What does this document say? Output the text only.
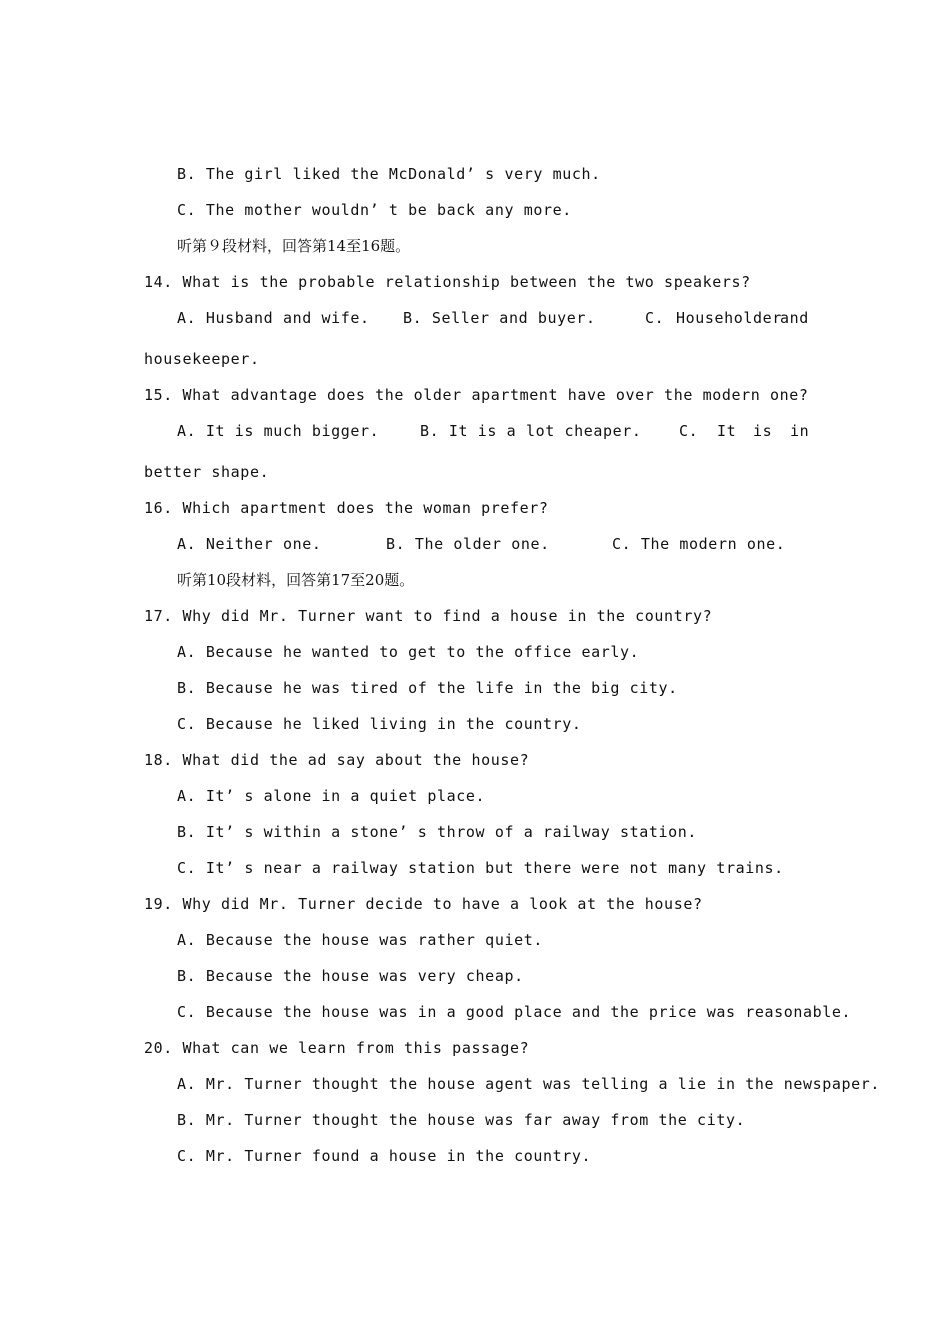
B. The girl liked the McDonald’ s very much.
C. The mother wouldn’ t be back any more.
听第９段材料，回答第14至16题。
14. What is the probable relationship between the two speakers?
A. Husband and wife. B. Seller and buyer.	C. Householder
and
housekeeper.
15. What advantage does the older apartment have over the modern one?
A. It is much bigger.	B. It is a lot cheaper. C. It is in
better shape.
16. Which apartment does the woman prefer?
A. Neither one.	B. The older one.	C. The modern one.
听第10段材料，回答第17至20题。
17. Why did Mr. Turner want to find a house in the country?
A. Because he wanted to get to the office early.
B. Because he was tired of the life in the big city.
C. Because he liked living in the country.
18. What did the ad say about the house?
A. It’ s alone in a quiet place.
B. It’ s within a stone’ s throw of a railway station.
C. It’ s near a railway station but there were not many trains.
19. Why did Mr. Turner decide to have a look at the house?
A. Because the house was rather quiet.
B. Because the house was very cheap.
C. Because the house was in a good place and the price was reasonable.
20. What can we learn from this passage?
A. Mr. Turner thought the house agent was telling a lie in the newspaper.
B. Mr. Turner thought the house was far away from the city.
C. Mr. Turner found a house in the country.
